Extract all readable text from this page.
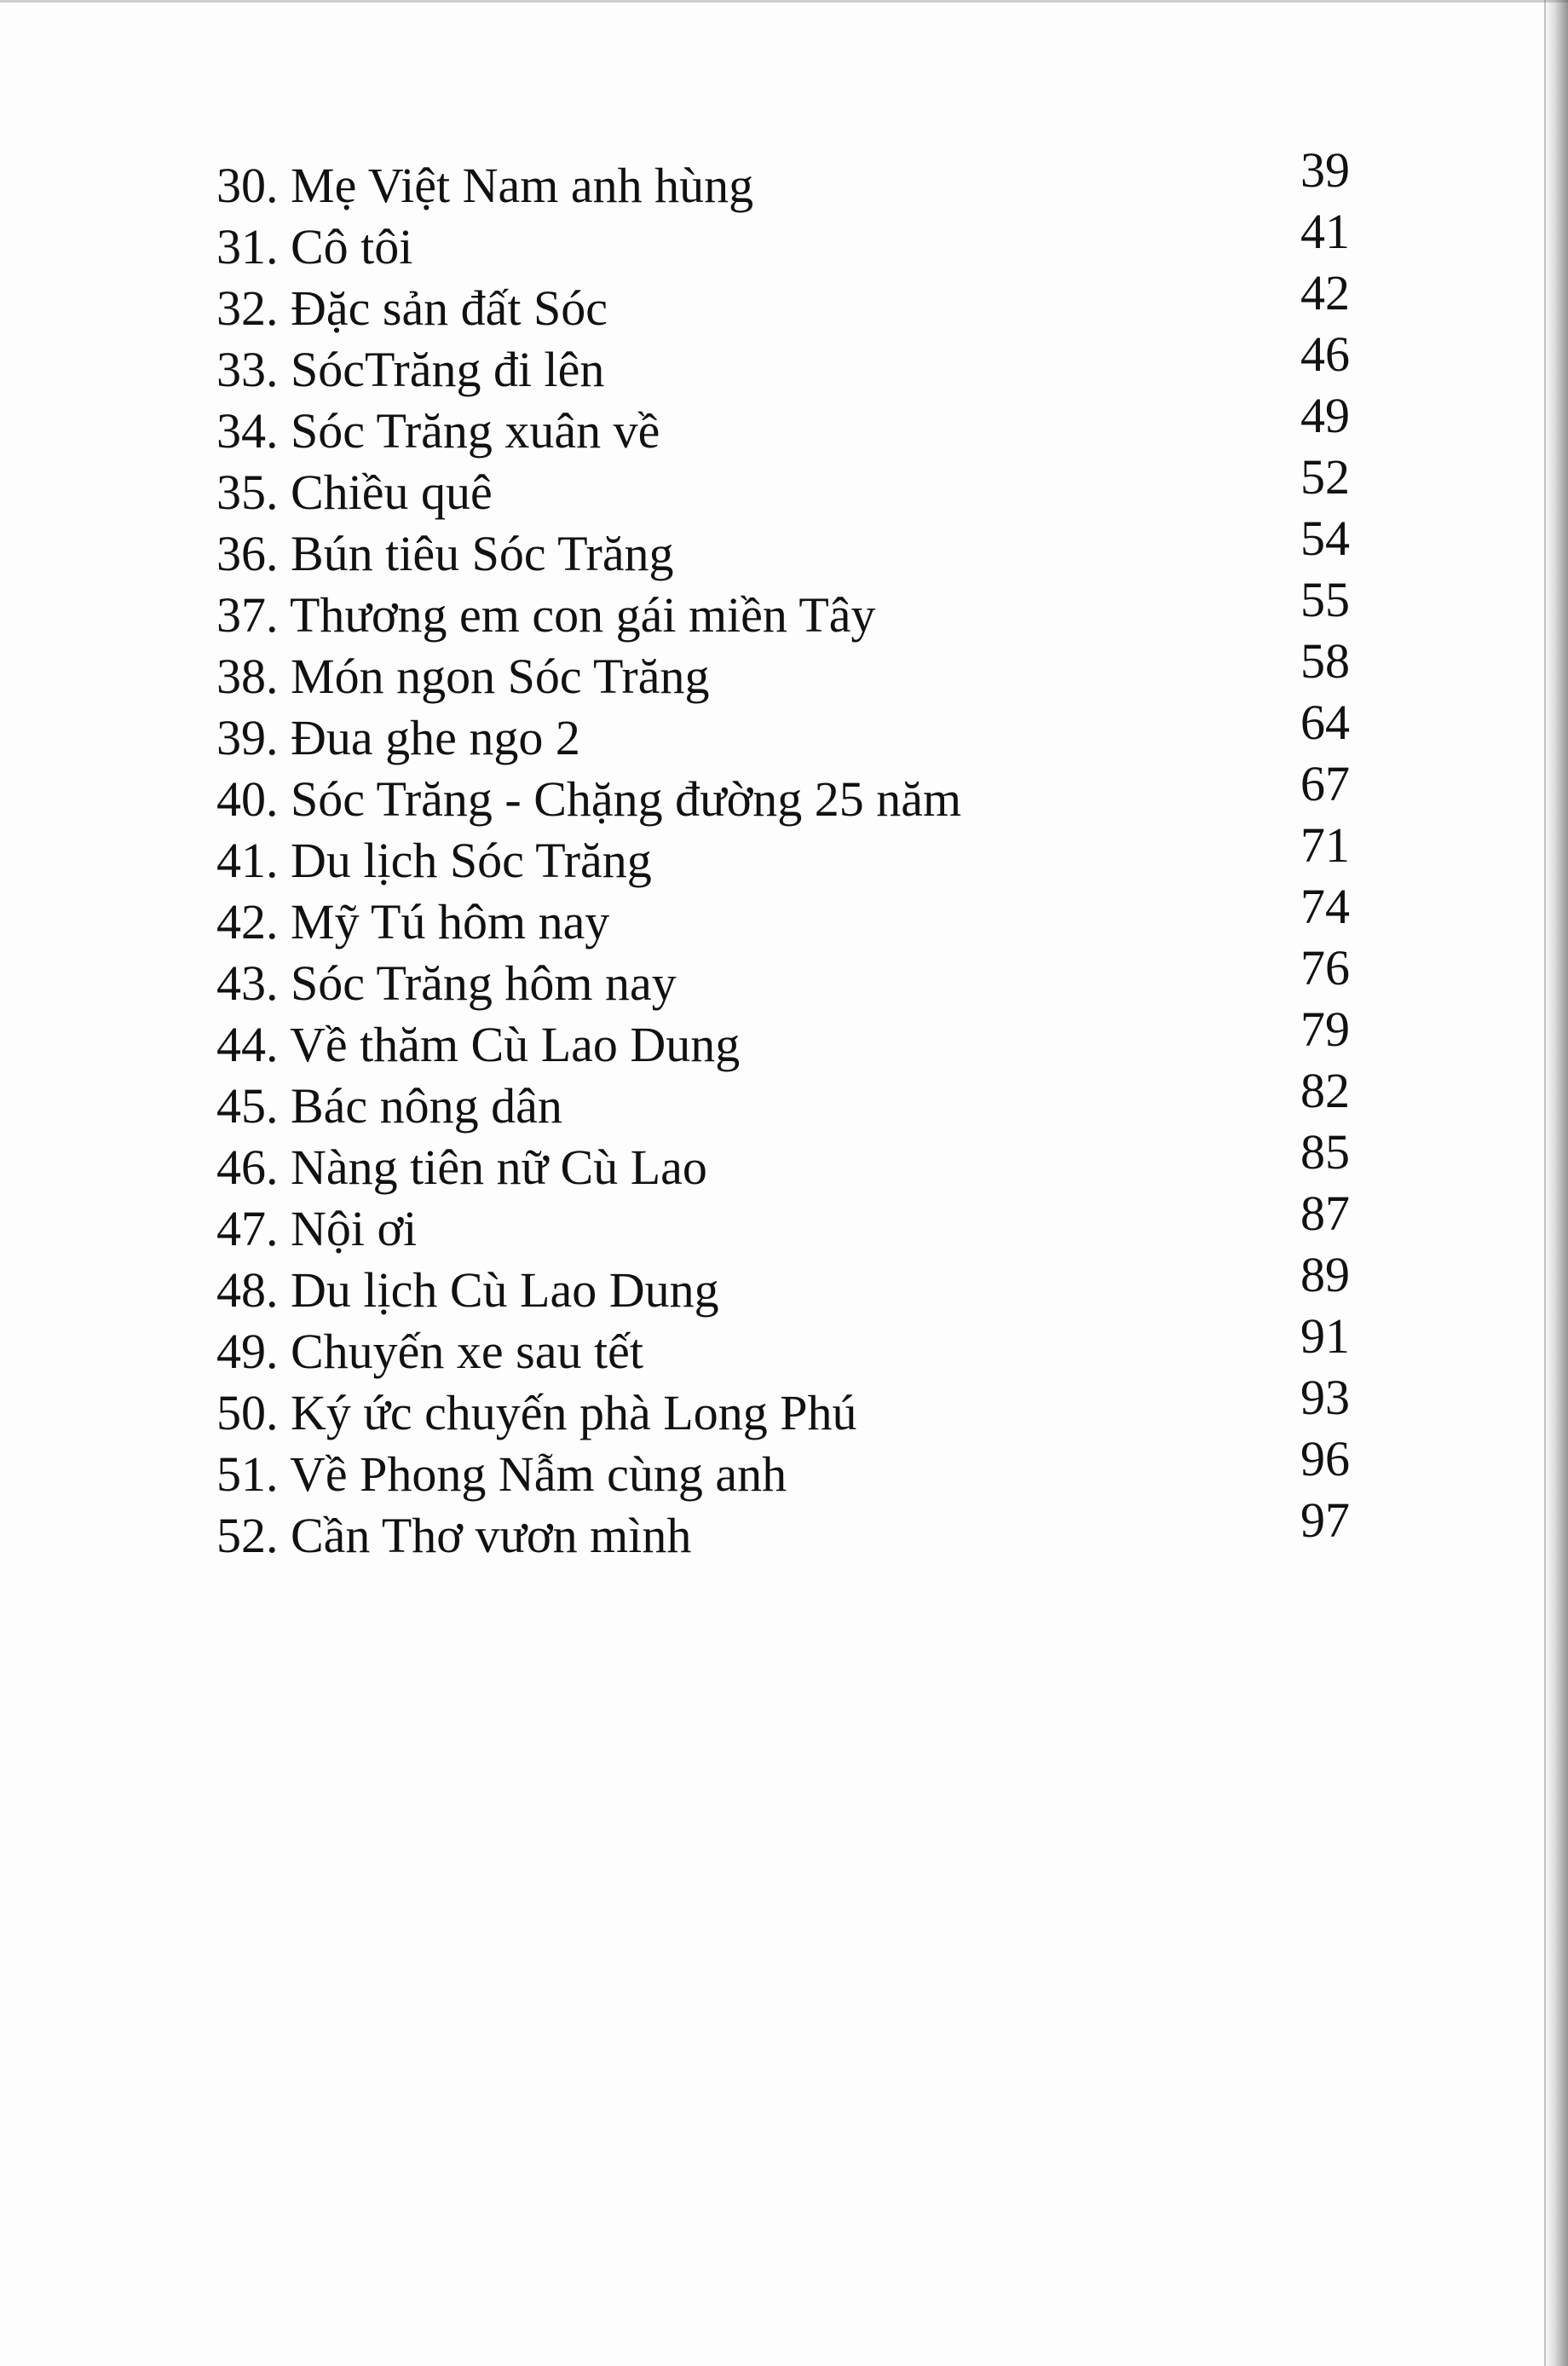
30. Mẹ Việt Nam anh hùng	39
31. Cô tôi	41
32. Đặc sản đất Sóc	42
33. SócTrăng đi lên	46
34. Sóc Trăng xuân về	49
35. Chiều quê	52
36. Bún tiêu Sóc Trăng	54
37. Thương em con gái miền Tây	55
38. Món ngon Sóc Trăng	58
39. Đua ghe ngo 2	64
40. Sóc Trăng - Chặng đường 25 năm	67
41. Du lịch Sóc Trăng	71
42. Mỹ Tú hôm nay	74
43. Sóc Trăng hôm nay	76
44. Về thăm Cù Lao Dung	79
45. Bác nông dân	82
46. Nàng tiên nữ Cù Lao	85
47. Nội ơi	87
48. Du lịch Cù Lao Dung	89
49. Chuyến xe sau tết	91
50. Ký ức chuyến phà Long Phú	93
51. Về Phong Nẫm cùng anh	96
52. Cần Thơ vươn mình	97
